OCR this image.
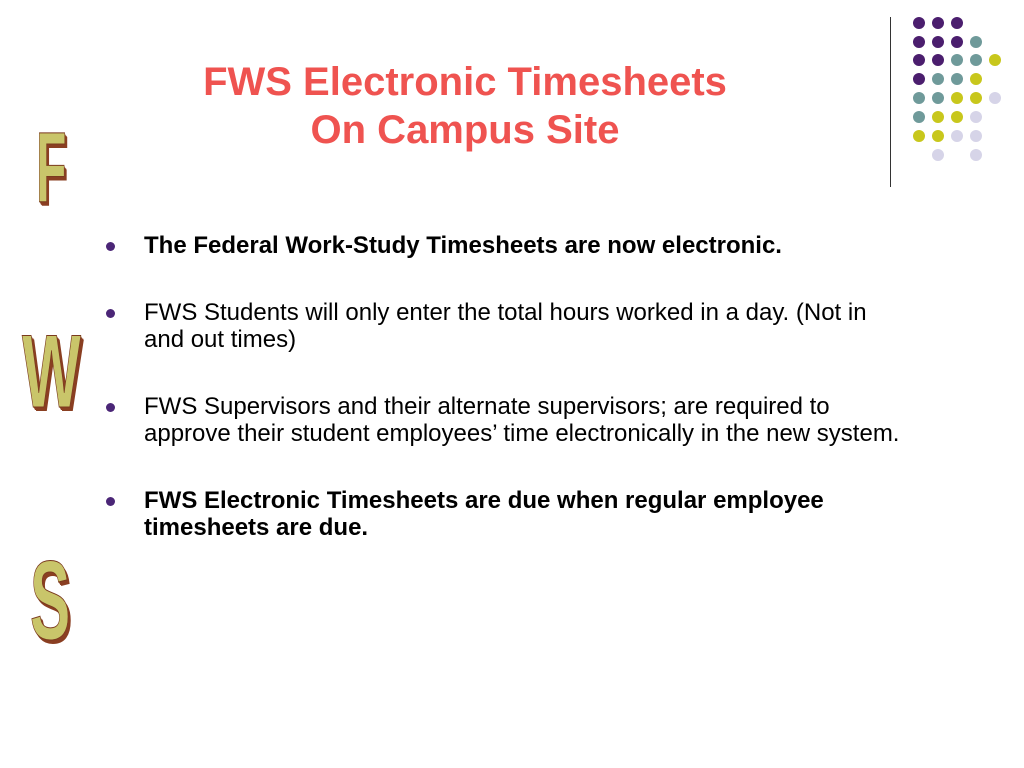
FWS Electronic Timesheets
On Campus Site
F
W
S
The Federal Work-Study Timesheets are now electronic.
FWS Students will only enter the total hours worked in a day. (Not in and out times)
FWS Supervisors and their alternate supervisors; are required to approve their student employees’ time electronically in the new system.
FWS Electronic Timesheets are due when regular employee timesheets are due.
